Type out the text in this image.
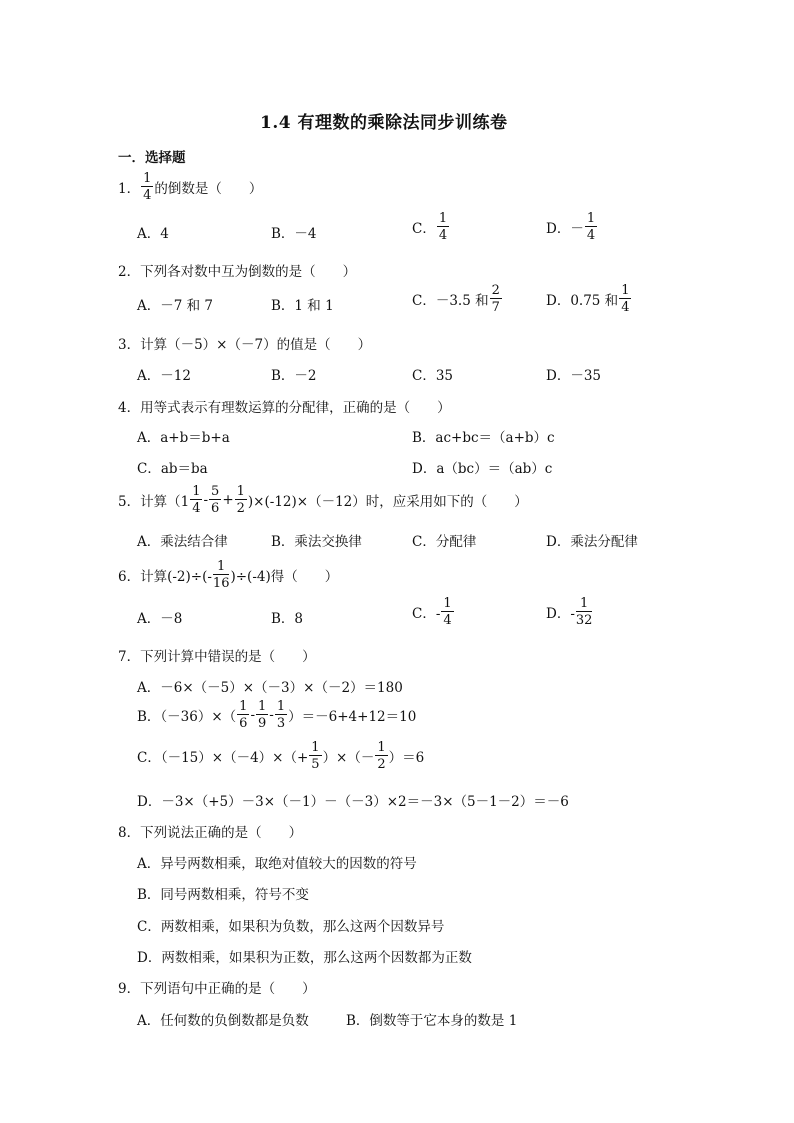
1.4 有理数的乘除法同步训练卷
一．选择题
1． $\frac{1}{4}$ 的倒数是（　　）
A．4	B．－4	C． $\frac{1}{4}$	D．－ $\frac{1}{4}$
2．下列各对数中互为倒数的是（　　）
A．－7 和 7	B．1 和 1	C．－3.5 和 $\frac{2}{7}$	D．0.75 和 $\frac{1}{4}$
3．计算（－5）×（－7）的值是（　　）
A．－12	B．－2	C．35	D．－35
4．用等式表示有理数运算的分配律，正确的是（　　）
A．a+b＝b+a	B．ac+bc＝（a+b）c
C．ab＝ba	D．a（bc）＝（ab）c
5．计算$(1 \frac{1}{4} - \frac{5}{6} + \frac{1}{2} )\times(-12)\times(-12)$时，应采用如下的（　　）
A．乘法结合律	B．乘法交换律	C．分配律	D．乘法分配律
6．计算$(-2)\div(- \frac{1}{16} )\div(-4)$得（　　）
A．－8	B．8	C．- $\frac{1}{4}$	D．- $\frac{1}{32}$
7．下列计算中错误的是（　　）
A．－6×（－5）×（－3）×（－2）＝180
B．$(-36)\times( \frac{1}{6} - \frac{1}{9} - \frac{1}{3} )=-6+4+12=10$
C．$(-15)\times(-4)\times(+ \frac{1}{5}$ ）×（－ $\frac{1}{2} )=6$
D．－3×（+5）－3×（－1）－（－3）×2＝－3×（5－1－2）＝－6
8．下列说法正确的是（　　）
A．异号两数相乘，取绝对值较大的因数的符号
B．同号两数相乘，符号不变
C．两数相乘，如果积为负数，那么这两个因数异号
D．两数相乘，如果积为正数，那么这两个因数都为正数
9．下列语句中正确的是（　　）
A．任何数的负倒数都是负数	B．倒数等于它本身的数是 1
